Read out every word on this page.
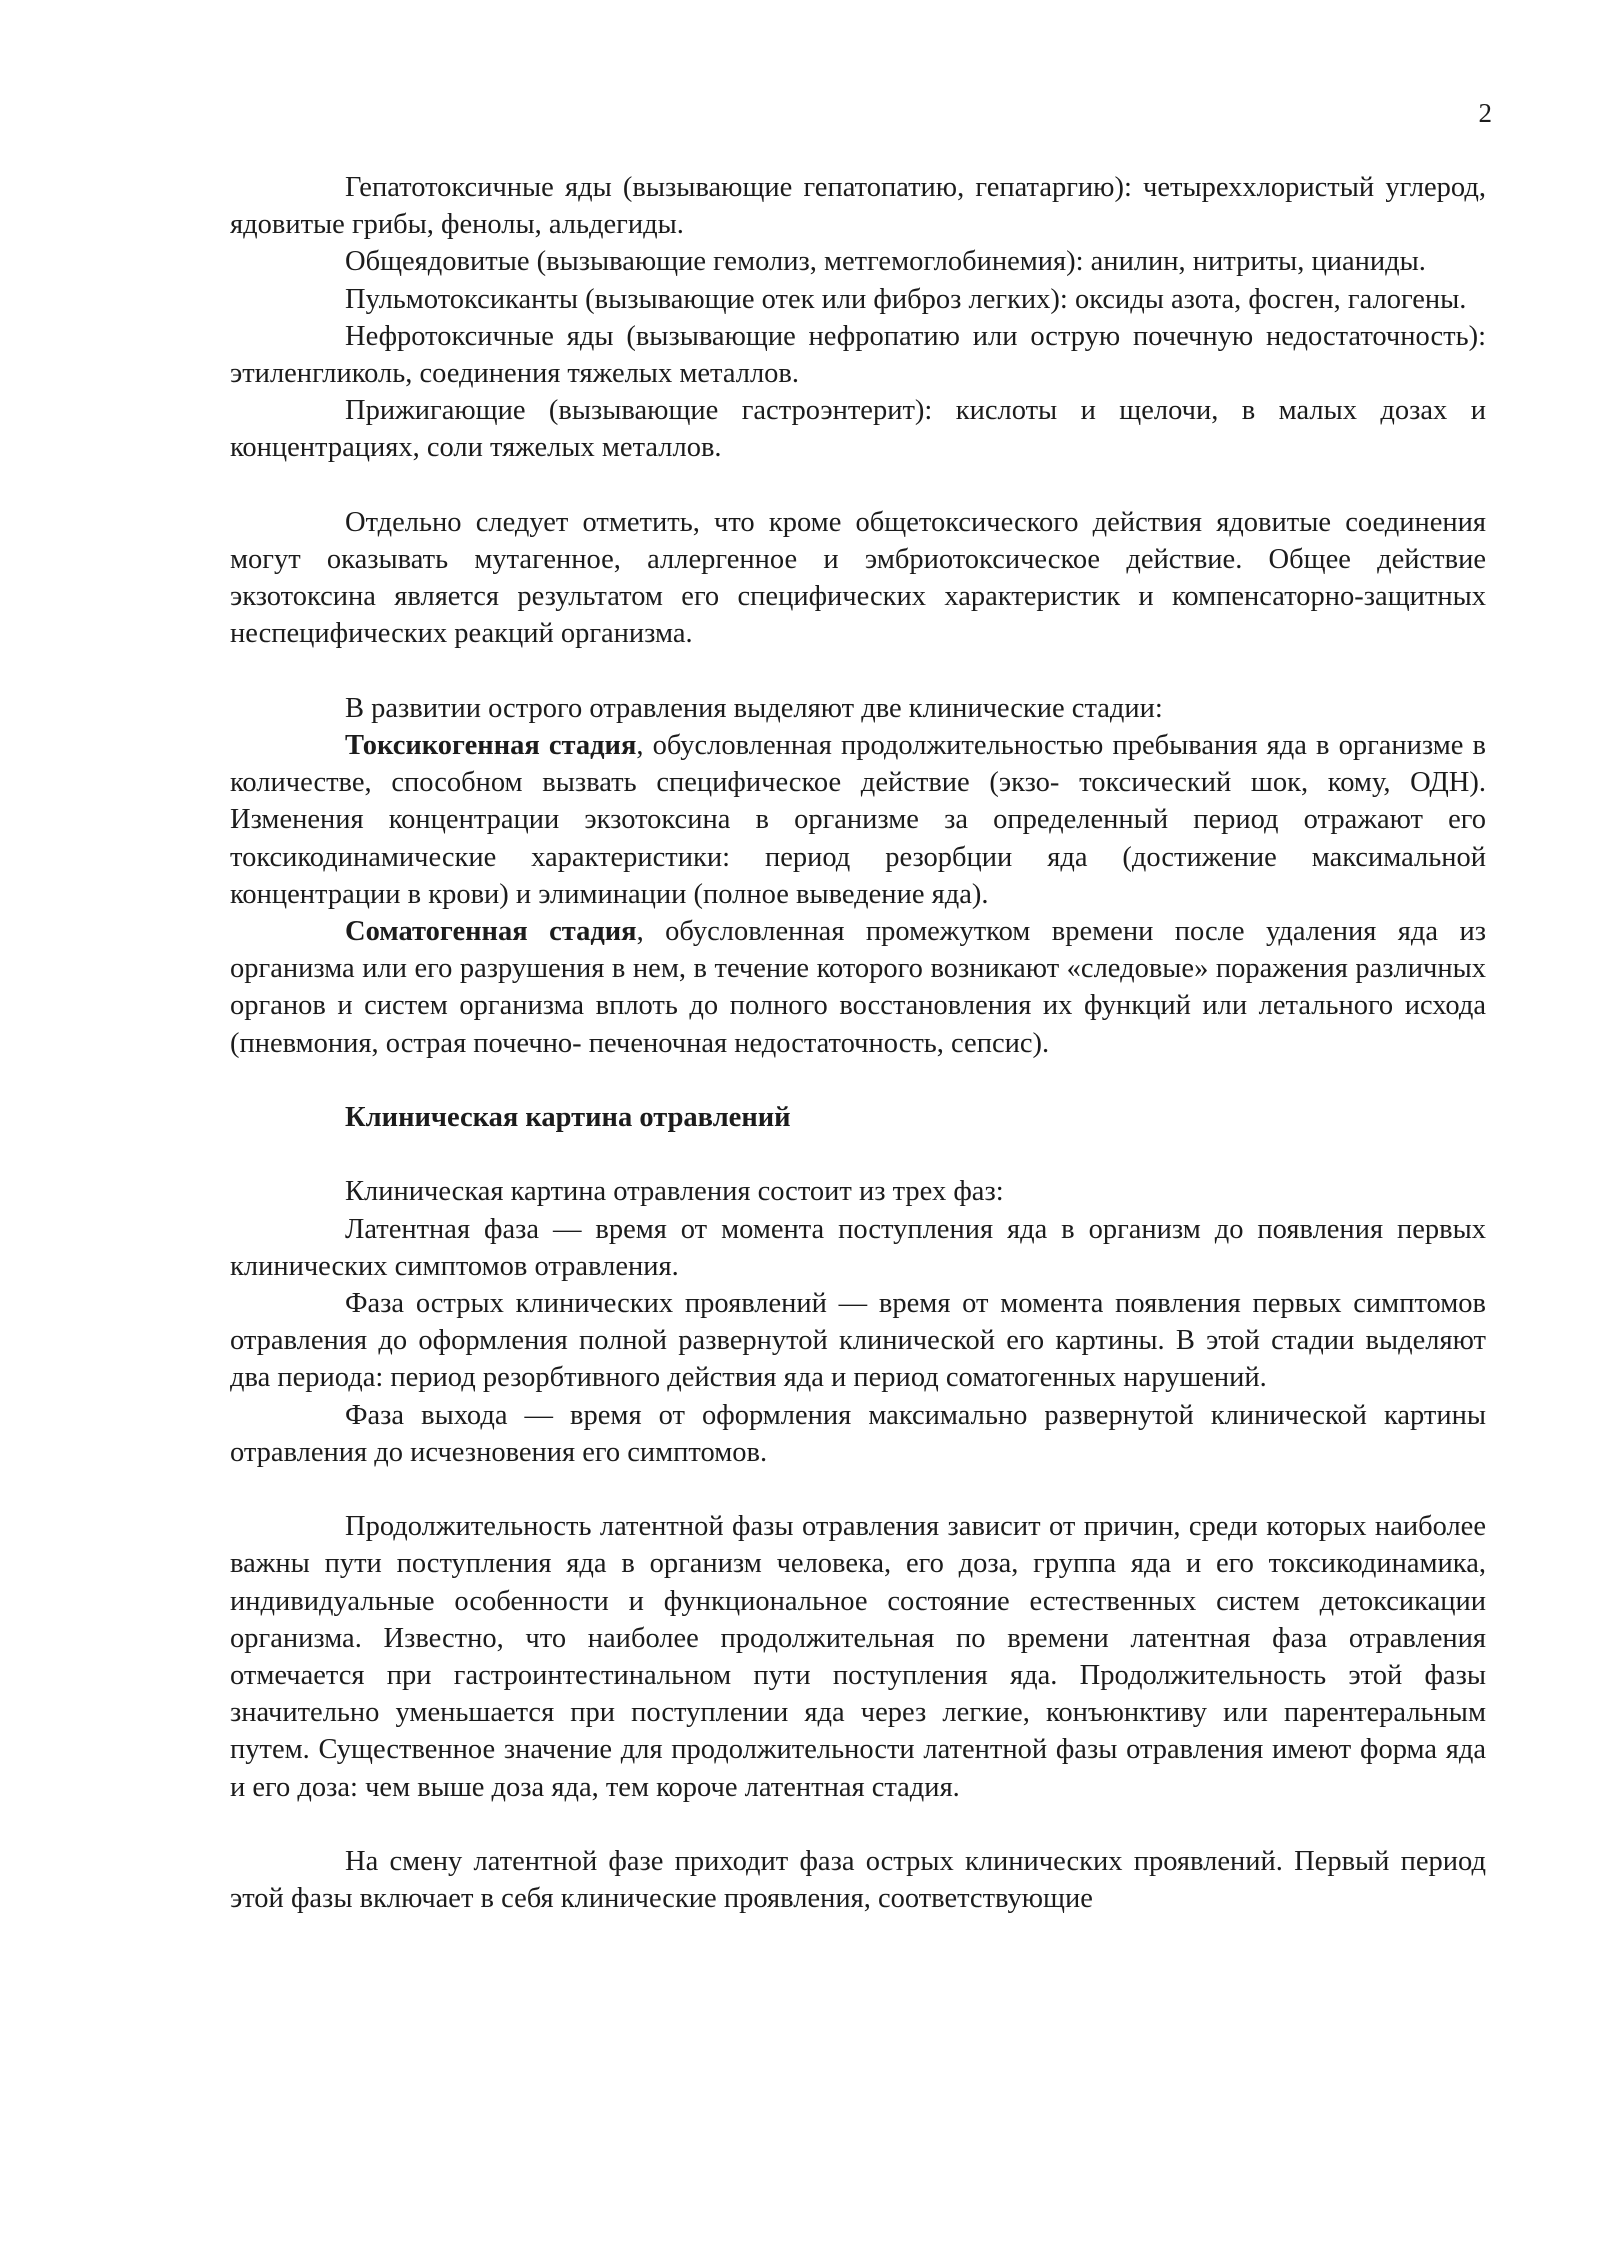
2

Гепатотоксичные яды (вызывающие гепатопатию, гепатаргию): четыреххлористый углерод, ядовитые грибы, фенолы, альдегиды.

Общеядовитые (вызывающие гемолиз, метгемоглобинемия): анилин, нитриты, цианиды.

Пульмотоксиканты (вызывающие отек или фиброз легких): оксиды азота, фосген, галогены.

Нефротоксичные яды (вызывающие нефропатию или острую почечную недостаточность): этиленгликоль, соединения тяжелых металлов.

Прижигающие (вызывающие гастроэнтерит): кислоты и щелочи, в малых дозах и концентрациях, соли тяжелых металлов.

Отдельно следует отметить, что кроме общетоксического действия ядовитые соединения могут оказывать мутагенное, аллергенное и эмбриотоксическое действие. Общее действие экзотоксина является результатом его специфических характеристик и компенсаторно-защитных неспецифических реакций организма.

В развитии острого отравления выделяют две клинические стадии:

Токсикогенная стадия, обусловленная продолжительностью пребывания яда в организме в количестве, способном вызвать специфическое действие (экзо- токсический шок, кому, ОДН). Изменения концентрации экзотоксина в организме за определенный период отражают его токсикодинамические характеристики: период резорбции яда (достижение максимальной концентрации в крови) и элиминации (полное выведение яда).

Соматогенная стадия, обусловленная промежутком времени после удаления яда из организма или его разрушения в нем, в течение которого возникают «следовые» поражения различных органов и систем организма вплоть до полного восстановления их функций или летального исхода (пневмония, острая почечно- печеночная недостаточность, сепсис).

Клиническая картина отравлений

Клиническая картина отравления состоит из трех фаз:

Латентная фаза — время от момента поступления яда в организм до появления первых клинических симптомов отравления.

Фаза острых клинических проявлений — время от момента появления первых симптомов отравления до оформления полной развернутой клинической его картины. В этой стадии выделяют два периода: период резорбтивного действия яда и период соматогенных нарушений.

Фаза выхода — время от оформления максимально развернутой клинической картины отравления до исчезновения его симптомов.

Продолжительность латентной фазы отравления зависит от причин, среди которых наиболее важны пути поступления яда в организм человека, его доза, группа яда и его токсикодинамика, индивидуальные особенности и функциональное состояние естественных систем детоксикации организма. Известно, что наиболее продолжительная по времени латентная фаза отравления отмечается при гастроинтестинальном пути поступления яда. Продолжительность этой фазы значительно уменьшается при поступлении яда через легкие, конъюнктиву или парентеральным путем. Существенное значение для продолжительности латентной фазы отравления имеют форма яда и его доза: чем выше доза яда, тем короче латентная стадия.

На смену латентной фазе приходит фаза острых клинических проявлений. Первый период этой фазы включает в себя клинические проявления, соответствующие
